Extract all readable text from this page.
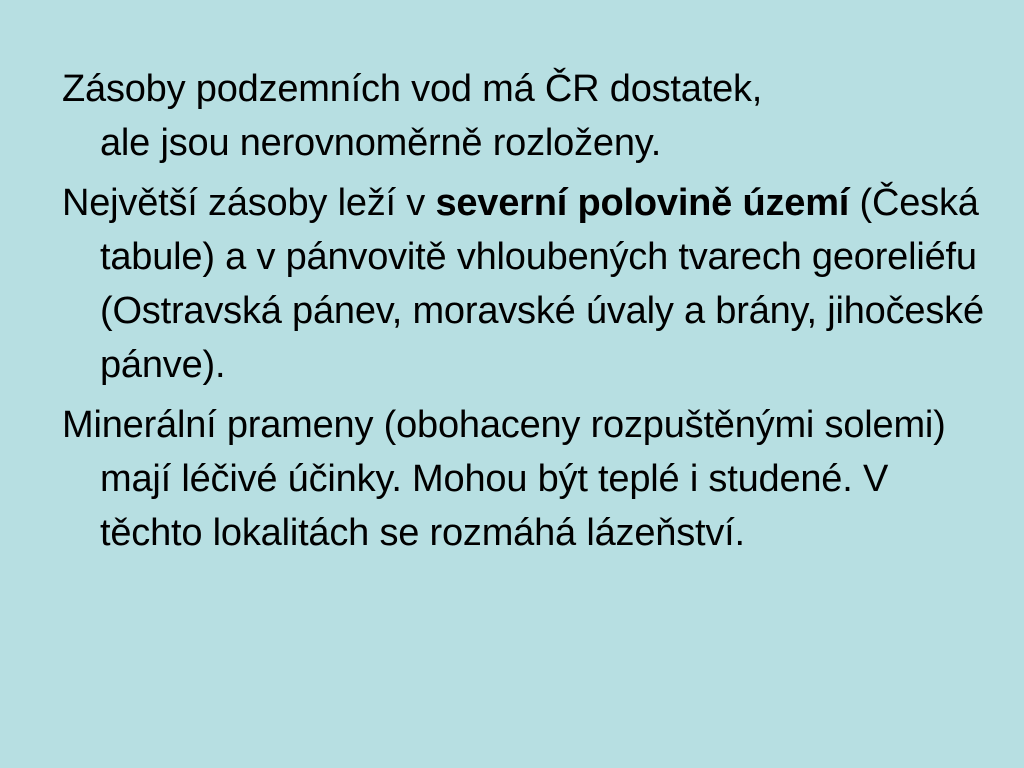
Zásoby podzemních vod má ČR dostatek,
ale jsou nerovnoměrně rozloženy.

Největší zásoby leží v severní polovině území (Česká tabule) a v pánvovitě vhloubených tvarech georeliéfu (Ostravská pánev, moravské úvaly a brány, jihočeské pánve).

Minerální prameny (obohaceny rozpuštěnými solemi) mají léčivé účinky. Mohou být teplé i studené. V těchto lokalitách se rozmáhá lázeňství.
